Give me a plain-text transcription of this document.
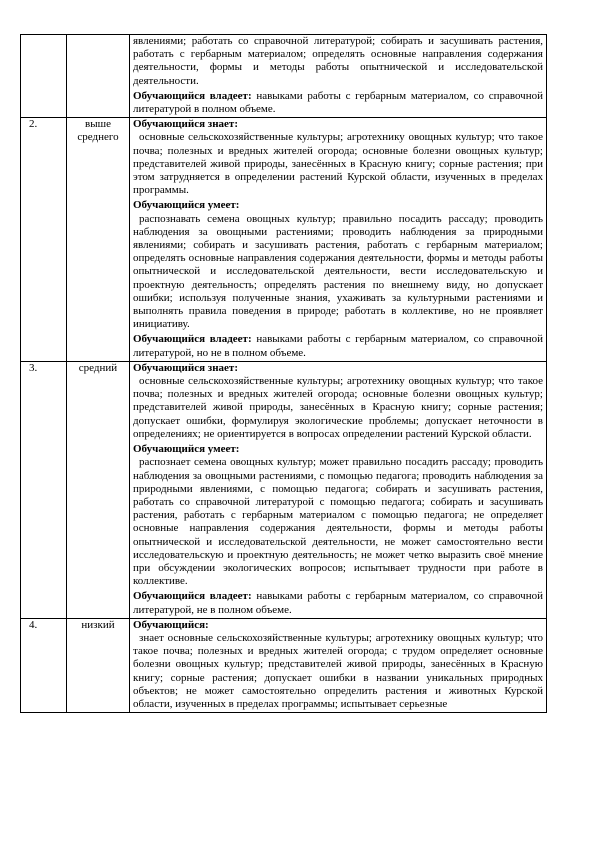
		явлениями; работать со справочной литературой; собирать и засушивать растения, работать с гербарным материалом; определять основные направления содержания деятельности, формы и методы работы опытнической и исследовательской деятельности.

Обучающийся владеет: навыками работы с гербарным материалом, со справочной литературой в полном объеме.

2.	выше среднего	Обучающийся знает:

основные сельскохозяйственные культуры; агротехнику овощных культур; что такое почва; полезных и вредных жителей огорода; основные болезни овощных культур; представителей живой природы, занесённых в Красную книгу; сорные растения; при этом затрудняется в определении растений Курской области, изученных в пределах программы.

Обучающийся умеет:

распознавать семена овощных культур; правильно посадить рассаду; проводить наблюдения за овощными растениями; проводить наблюдения за природными явлениями; собирать и засушивать растения, работать с гербарным материалом; определять основные направления содержания деятельности, формы и методы работы опытнической и исследовательской деятельности, вести исследовательскую и проектную деятельность; определять растения по внешнему виду, но допускает ошибки; используя полученные знания, ухаживать за культурными растениями и выполнять правила поведения в природе; работать в коллективе, но не проявляет инициативу.

Обучающийся владеет: навыками работы с гербарным материалом, со справочной литературой, но не в полном объеме.

3.	средний	Обучающийся знает:

основные сельскохозяйственные культуры; агротехнику овощных культур; что такое почва; полезных и вредных жителей огорода; основные болезни овощных культур; представителей живой природы, занесённых в Красную книгу; сорные растения; допускает ошибки, формулируя экологические проблемы; допускает неточности в определениях; не ориентируется в вопросах определении растений Курской области.

Обучающийся умеет:

распознает семена овощных культур; может правильно посадить рассаду; проводить наблюдения за овощными растениями, с помощью педагога; проводить наблюдения за природными явлениями, с помощью педагога; собирать и засушивать растения, работать со справочной литературой с помощью педагога; собирать и засушивать растения, работать с гербарным материалом с помощью педагога; не определяет основные направления содержания деятельности, формы и методы работы опытнической и исследовательской деятельности, не может самостоятельно вести исследовательскую и проектную деятельность; не может четко выразить своё мнение при обсуждении экологических вопросов; испытывает трудности при работе в коллективе.

Обучающийся владеет: навыками работы с гербарным материалом, со справочной литературой, не в полном объеме.

4.	низкий	Обучающийся:

знает основные сельскохозяйственные культуры; агротехнику овощных культур; что такое почва; полезных и вредных жителей огорода; с трудом определяет основные болезни овощных культур; представителей живой природы, занесённых в Красную книгу; сорные растения; допускает ошибки в названии уникальных природных объектов; не может самостоятельно определить растения и животных Курской области, изученных в пределах программы; испытывает серьезные
